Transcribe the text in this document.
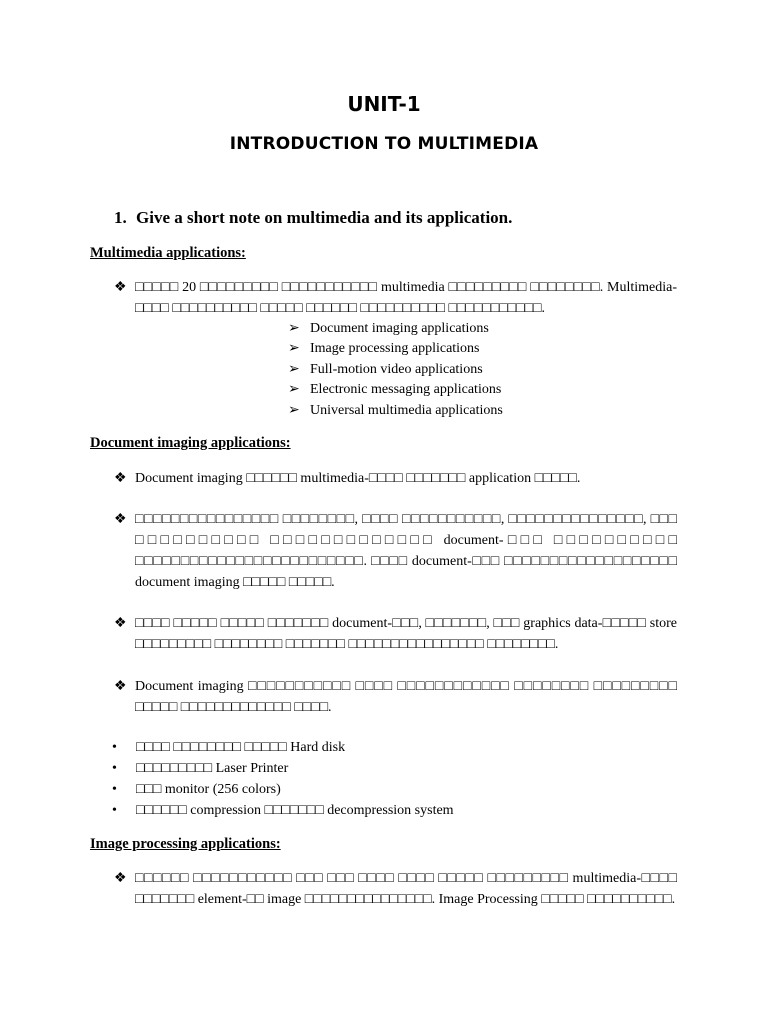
UNIT-1
INTRODUCTION TO MULTIMEDIA
1. Give a short note on multimedia and its application.
Multimedia applications:
❖ □□□□□ 20 □□□□□□□□□ □□□□□□□□□□□ multimedia □□□□□□□□□ □□□□□□□□. Multimedia-□□□□ □□□□□□□□□□ □□□□□ □□□□□□ □□□□□□□□□□ □□□□□□□□□□□.
➢ Document imaging applications
➢ Image processing applications
➢ Full-motion video applications
➢ Electronic messaging applications
➢ Universal multimedia applications
Document imaging applications:
❖ Document imaging □□□□□□ multimedia-□□□□ □□□□□□□ application □□□□□.
❖ □□□□□□□□□□□□□□□□ □□□□□□□□, □□□□ □□□□□□□□□□□, □□□□□□□□□□□□□□□, □□□ □□□□□□□□□□ □□□□□□□□□□□□□ document-□□□ □□□□□□□□□□ □□□□□□□□□□□□□□□□□□□□□□□□□. □□□□ document-□□□ □□□□□□□□□□□□□□□□□□□ document imaging □□□□□ □□□□□.
❖ □□□□ □□□□□ □□□□□ □□□□□□□ document-□□□, □□□□□□□, □□□ graphics data-□□□□□ store □□□□□□□□□ □□□□□□□□ □□□□□□□ □□□□□□□□□□□□□□□□ □□□□□□□□.
❖ Document imaging □□□□□□□□□□□ □□□□ □□□□□□□□□□□□ □□□□□□□□ □□□□□□□□□ □□□□□ □□□□□□□□□□□□□ □□□□.
• □□□□ □□□□□□□□ □□□□□ Hard disk
• □□□□□□□□□ Laser Printer
• □□□ monitor (256 colors)
• □□□□□□ compression □□□□□□□ decompression system
Image processing applications:
❖ □□□□□□ □□□□□□□□□□□ □□□ □□□ □□□□ □□□□ □□□□□ □□□□□□□□□ multimedia-□□□□ □□□□□□□ element-□□ image □□□□□□□□□□□□□□□. Image Processing □□□□□ □□□□□□□□□□.
